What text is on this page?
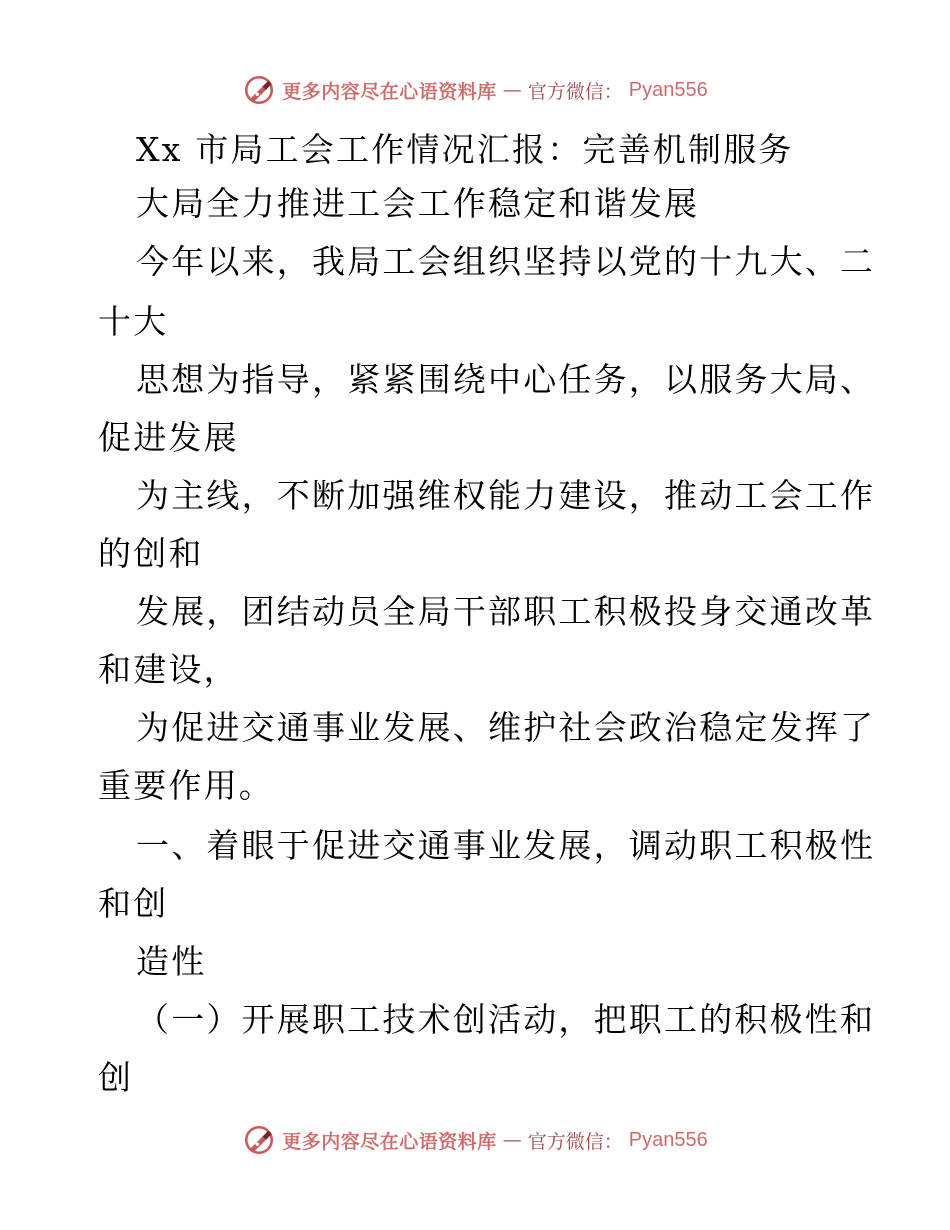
更多内容尽在心语资料库 — 官方微信： Pyan556
Xx 市局工会工作情况汇报：完善机制服务
大局全力推进工会工作稳定和谐发展
今年以来，我局工会组织坚持以党的十九大、二
十大
思想为指导，紧紧围绕中心任务，以服务大局、
促进发展
为主线，不断加强维权能力建设，推动工会工作
的创和
发展，团结动员全局干部职工积极投身交通改革
和建设，
为促进交通事业发展、维护社会政治稳定发挥了
重要作用。
一、着眼于促进交通事业发展，调动职工积极性
和创
造性
（一）开展职工技术创活动，把职工的积极性和
创
更多内容尽在心语资料库 — 官方微信： Pyan556
